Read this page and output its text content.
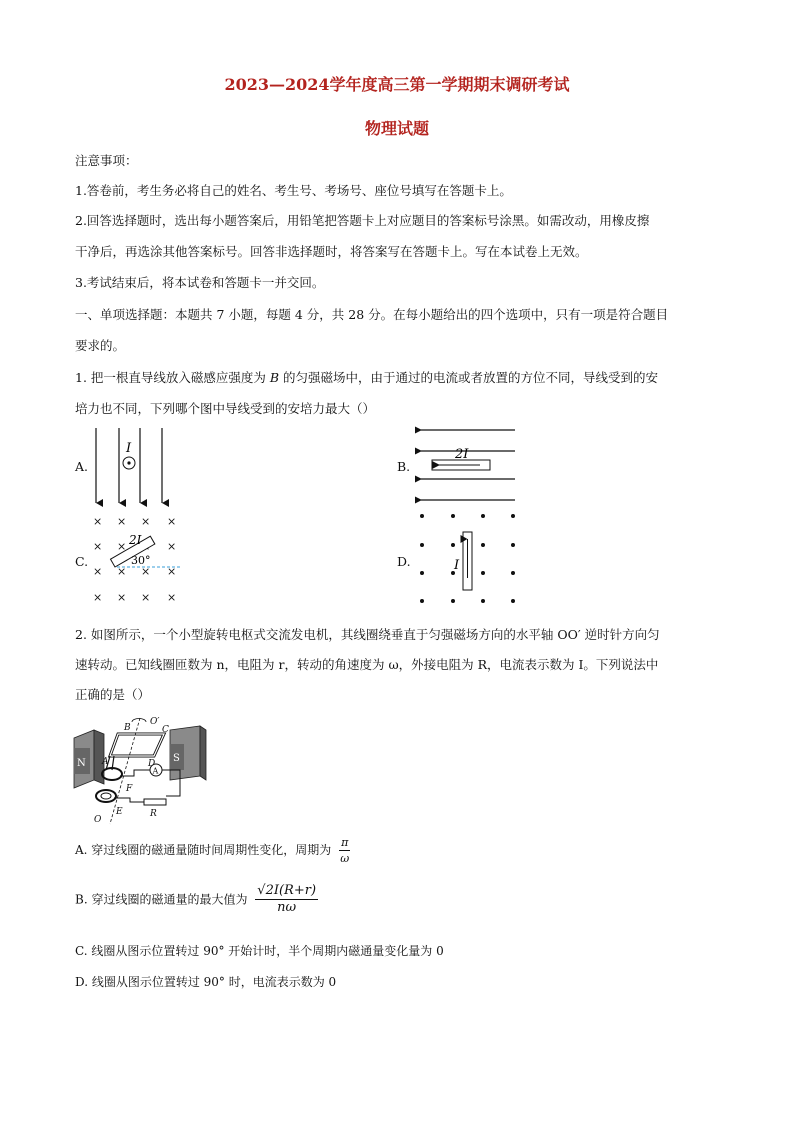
2023—2024学年度高三第一学期期末调研考试
物理试题
注意事项：
1.答卷前，考生务必将自己的姓名、考生号、考场号、座位号填写在答题卡上。
2.回答选择题时，选出每小题答案后，用铅笔把答题卡上对应题目的答案标号涂黑。如需改动，用橡皮擦
干净后，再选涂其他答案标号。回答非选择题时，将答案写在答题卡上。写在本试卷上无效。
3.考试结束后，将本试卷和答题卡一并交回。
一、单项选择题：本题共 7 小题，每题 4 分，共 28 分。在每小题给出的四个选项中，只有一项是符合题目
要求的。
1. 把一根直导线放入磁感应强度为 B 的匀强磁场中，由于通过的电流或者放置的方位不同，导线受到的安
培力也不同，下列哪个图中导线受到的安培力最大（）
A.	B.
C.	D.
I	2I
× × × ×
× ×	×
× × × ×
× × × ×
2I
30°	I
2. 如图所示，一个小型旋转电枢式交流发电机，其线圈绕垂直于匀强磁场方向的水平轴 OO′ 逆时针方向匀
速转动。已知线圈匝数为 n，电阻为 r，转动的角速度为 ω，外接电阻为 R，电流表示数为 I。下列说法中
正确的是（）
N	S
A
B
O′
C
D
A
F
E	R
O
A. 穿过线圈的磁通量随时间周期性变化，周期为 $\frac{\pi}{\omega}$
B. 穿过线圈的磁通量的最大值为 $\frac{√2I(R+r)}{n\omega}$
C. 线圈从图示位置转过 90° 开始计时，半个周期内磁通量变化量为 0
D. 线圈从图示位置转过 90° 时，电流表示数为 0
